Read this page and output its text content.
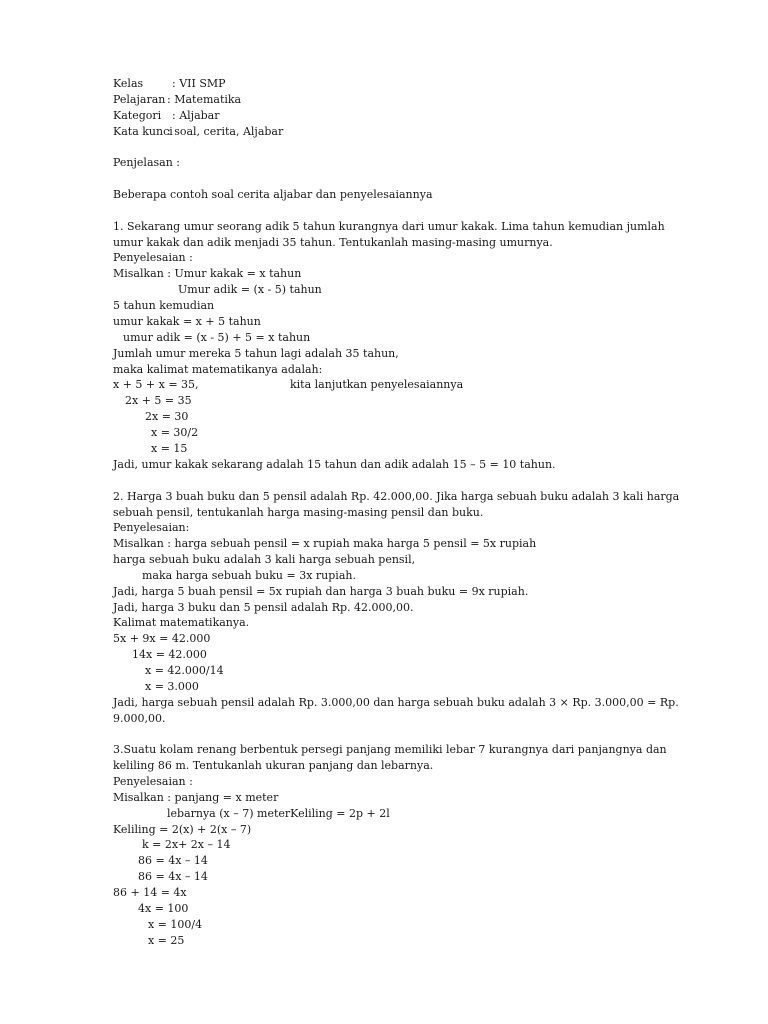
Kelas	: VII SMP
Pelajaran : Matematika
Kategori : Aljabar
Kata kunci
: soal, cerita, Aljabar
Penjelasan :
Beberapa contoh soal cerita aljabar dan penyelesaiannya
1. Sekarang umur seorang adik 5 tahun kurangnya dari umur kakak. Lima tahun kemudian jumlah
umur kakak dan adik menjadi 35 tahun. Tentukanlah masing-masing umurnya.
Penyelesaian :
Misalkan : Umur kakak = x tahun
Umur adik = (x - 5) tahun
5 tahun kemudian
umur kakak = x + 5 tahun
umur adik = (x - 5) + 5 = x tahun
Jumlah umur mereka 5 tahun lagi adalah 35 tahun,
maka kalimat matematikanya adalah:
x + 5 + x = 35,	kita lanjutkan penyelesaiannya
2x + 5 = 35
2x = 30
x = 30/2
x = 15
Jadi, umur kakak sekarang adalah 15 tahun dan adik adalah 15 – 5 = 10 tahun.
2. Harga 3 buah buku dan 5 pensil adalah Rp. 42.000,00. Jika harga sebuah buku adalah 3 kali harga
sebuah pensil, tentukanlah harga masing-masing pensil dan buku.
Penyelesaian:
Misalkan : harga sebuah pensil = x rupiah maka harga 5 pensil = 5x rupiah
harga sebuah buku adalah 3 kali harga sebuah pensil,
maka harga sebuah buku = 3x rupiah.
Jadi, harga 5 buah pensil = 5x rupiah dan harga 3 buah buku = 9x rupiah.
Jadi, harga 3 buku dan 5 pensil adalah Rp. 42.000,00.
Kalimat matematikanya.
5x + 9x = 42.000
14x = 42.000
x = 42.000/14
x = 3.000
Jadi, harga sebuah pensil adalah Rp. 3.000,00 dan harga sebuah buku adalah 3 × Rp. 3.000,00 = Rp.
9.000,00.
3.Suatu kolam renang berbentuk persegi panjang memiliki lebar 7 kurangnya dari panjangnya dan
keliling 86 m. Tentukanlah ukuran panjang dan lebarnya.
Penyelesaian :
Misalkan : panjang = x meter
lebarnya (x – 7) meterKeliling = 2p + 2l
Keliling = 2(x) + 2(x – 7)
k = 2x+ 2x – 14
86 = 4x – 14
86 = 4x – 14
86 + 14 = 4x
4x = 100
x = 100/4
x = 25
